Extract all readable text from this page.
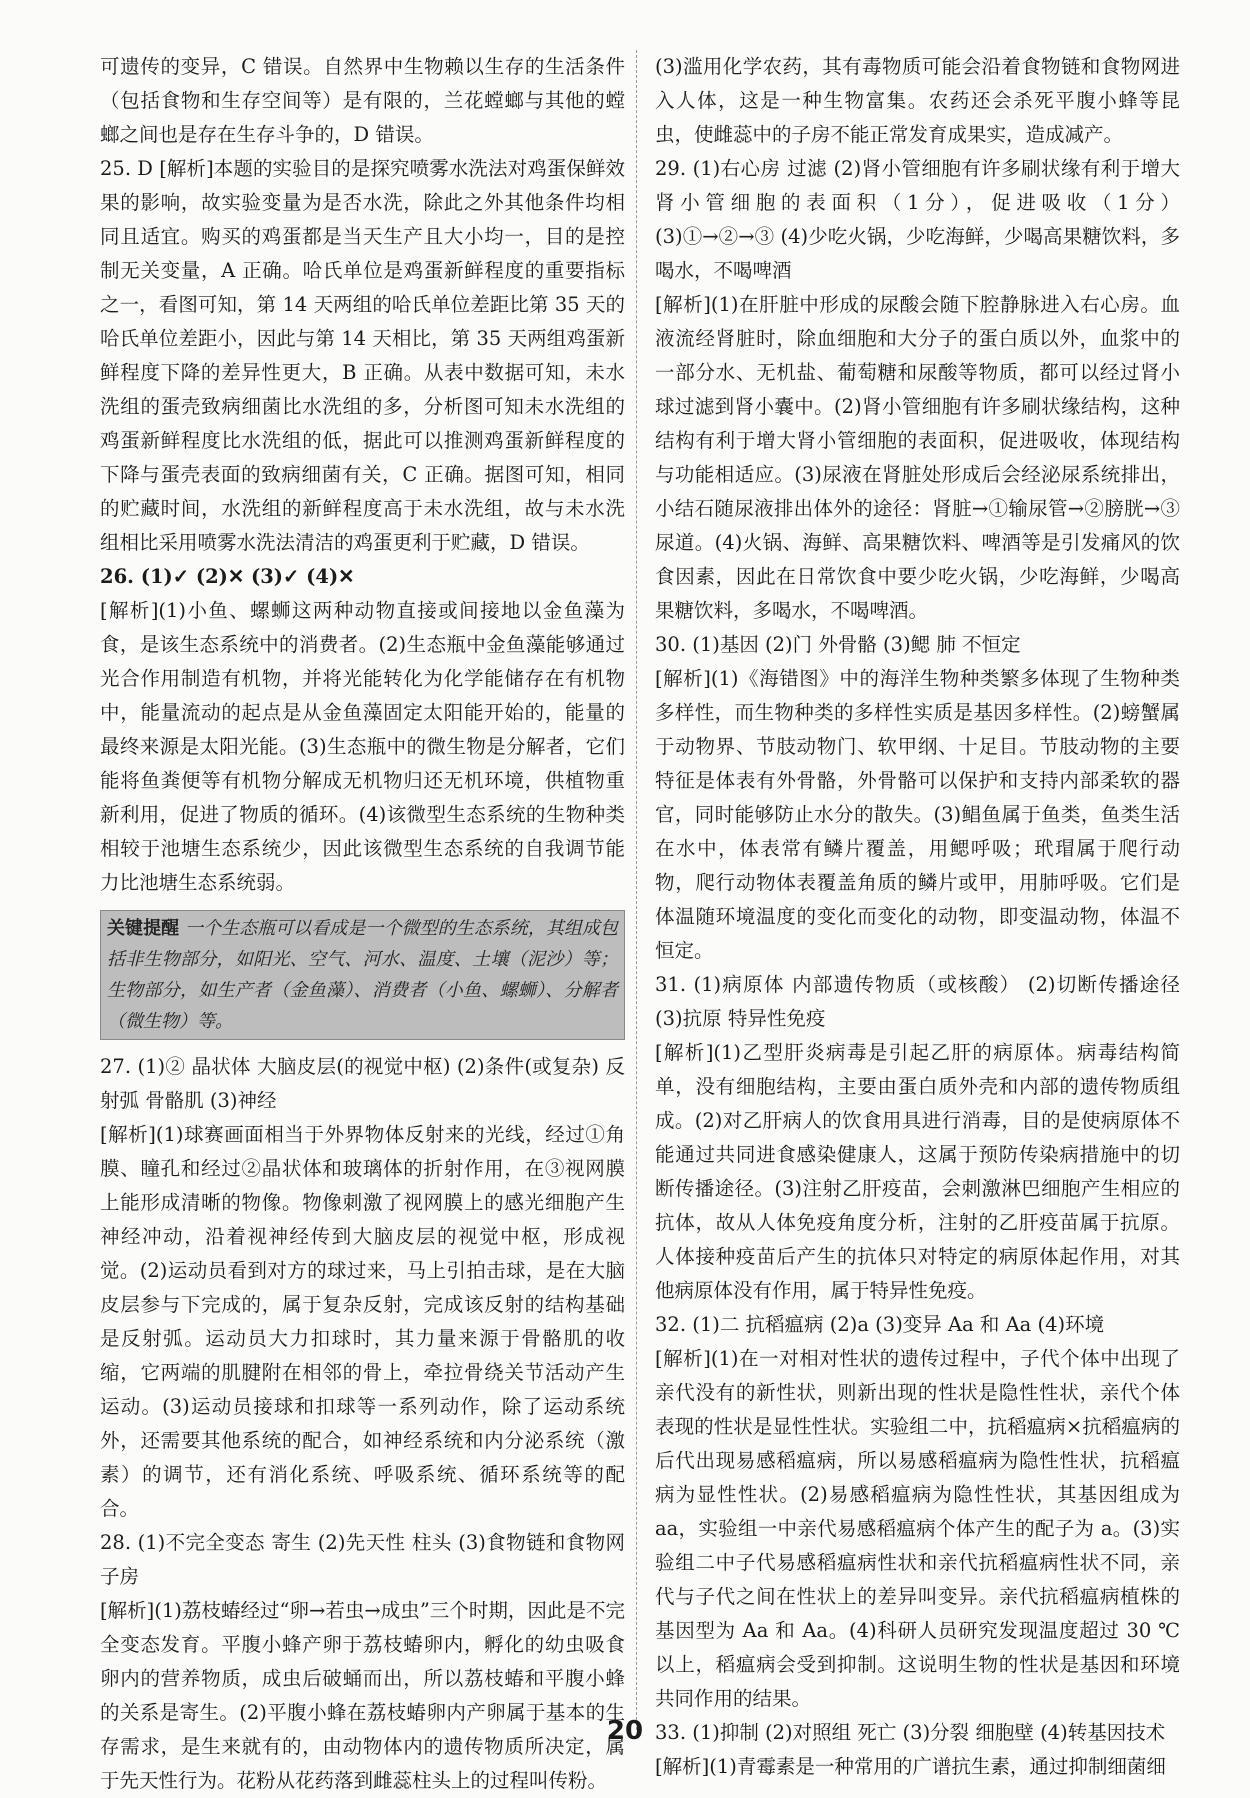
可遗传的变异，C 错误。自然界中生物赖以生存的生活条件（包括食物和生存空间等）是有限的，兰花螳螂与其他的螳螂之间也是存在生存斗争的，D 错误。

25. D [解析]本题的实验目的是探究喷雾水洗法对鸡蛋保鲜效果的影响，故实验变量为是否水洗，除此之外其他条件均相同且适宜。购买的鸡蛋都是当天生产且大小均一，目的是控制无关变量，A 正确。哈氏单位是鸡蛋新鲜程度的重要指标之一，看图可知，第 14 天两组的哈氏单位差距比第 35 天的哈氏单位差距小，因此与第 14 天相比，第 35 天两组鸡蛋新鲜程度下降的差异性更大，B 正确。从表中数据可知，未水洗组的蛋壳致病细菌比水洗组的多，分析图可知未水洗组的鸡蛋新鲜程度比水洗组的低，据此可以推测鸡蛋新鲜程度的下降与蛋壳表面的致病细菌有关，C 正确。据图可知，相同的贮藏时间，水洗组的新鲜程度高于未水洗组，故与未水洗组相比采用喷雾水洗法清洁的鸡蛋更利于贮藏，D 错误。

26. (1)✓ (2)✕ (3)✓ (4)✕

[解析](1)小鱼、螺蛳这两种动物直接或间接地以金鱼藻为食，是该生态系统中的消费者。(2)生态瓶中金鱼藻能够通过光合作用制造有机物，并将光能转化为化学能储存在有机物中，能量流动的起点是从金鱼藻固定太阳能开始的，能量的最终来源是太阳光能。(3)生态瓶中的微生物是分解者，它们能将鱼粪便等有机物分解成无机物归还无机环境，供植物重新利用，促进了物质的循环。(4)该微型生态系统的生物种类相较于池塘生态系统少，因此该微型生态系统的自我调节能力比池塘生态系统弱。

关键提醒 一个生态瓶可以看成是一个微型的生态系统，其组成包括非生物部分，如阳光、空气、河水、温度、土壤（泥沙）等；生物部分，如生产者（金鱼藻）、消费者（小鱼、螺蛳）、分解者（微生物）等。

27. (1)② 晶状体 大脑皮层(的视觉中枢) (2)条件(或复杂) 反射弧 骨骼肌 (3)神经

[解析](1)球赛画面相当于外界物体反射来的光线，经过①角膜、瞳孔和经过②晶状体和玻璃体的折射作用，在③视网膜上能形成清晰的物像。物像刺激了视网膜上的感光细胞产生神经冲动，沿着视神经传到大脑皮层的视觉中枢，形成视觉。(2)运动员看到对方的球过来，马上引拍击球，是在大脑皮层参与下完成的，属于复杂反射，完成该反射的结构基础是反射弧。运动员大力扣球时，其力量来源于骨骼肌的收缩，它两端的肌腱附在相邻的骨上，牵拉骨绕关节活动产生运动。(3)运动员接球和扣球等一系列动作，除了运动系统外，还需要其他系统的配合，如神经系统和内分泌系统（激素）的调节，还有消化系统、呼吸系统、循环系统等的配合。

28. (1)不完全变态 寄生 (2)先天性 柱头 (3)食物链和食物网 子房

[解析](1)荔枝蝽经过“卵→若虫→成虫”三个时期，因此是不完全变态发育。平腹小蜂产卵于荔枝蝽卵内，孵化的幼虫吸食卵内的营养物质，成虫后破蛹而出，所以荔枝蝽和平腹小蜂的关系是寄生。(2)平腹小蜂在荔枝蝽卵内产卵属于基本的生存需求，是生来就有的，由动物体内的遗传物质所决定，属于先天性行为。花粉从花药落到雌蕊柱头上的过程叫传粉。

(3)滥用化学农药，其有毒物质可能会沿着食物链和食物网进入人体，这是一种生物富集。农药还会杀死平腹小蜂等昆虫，使雌蕊中的子房不能正常发育成果实，造成减产。

29. (1)右心房 过滤 (2)肾小管细胞有许多刷状缘有利于增大肾小管细胞的表面积（1分），促进吸收（1分） (3)①→②→③ (4)少吃火锅，少吃海鲜，少喝高果糖饮料，多喝水，不喝啤酒

[解析](1)在肝脏中形成的尿酸会随下腔静脉进入右心房。血液流经肾脏时，除血细胞和大分子的蛋白质以外，血浆中的一部分水、无机盐、葡萄糖和尿酸等物质，都可以经过肾小球过滤到肾小囊中。(2)肾小管细胞有许多刷状缘结构，这种结构有利于增大肾小管细胞的表面积，促进吸收，体现结构与功能相适应。(3)尿液在肾脏处形成后会经泌尿系统排出，小结石随尿液排出体外的途径：肾脏→①输尿管→②膀胱→③尿道。(4)火锅、海鲜、高果糖饮料、啤酒等是引发痛风的饮食因素，因此在日常饮食中要少吃火锅，少吃海鲜，少喝高果糖饮料，多喝水，不喝啤酒。

30. (1)基因 (2)门 外骨骼 (3)鳃 肺 不恒定

[解析](1)《海错图》中的海洋生物种类繁多体现了生物种类多样性，而生物种类的多样性实质是基因多样性。(2)螃蟹属于动物界、节肢动物门、软甲纲、十足目。节肢动物的主要特征是体表有外骨骼，外骨骼可以保护和支持内部柔软的器官，同时能够防止水分的散失。(3)鲳鱼属于鱼类，鱼类生活在水中，体表常有鳞片覆盖，用鳃呼吸；玳瑁属于爬行动物，爬行动物体表覆盖角质的鳞片或甲，用肺呼吸。它们是体温随环境温度的变化而变化的动物，即变温动物，体温不恒定。

31. (1)病原体 内部遗传物质（或核酸） (2)切断传播途径 (3)抗原 特异性免疫

[解析](1)乙型肝炎病毒是引起乙肝的病原体。病毒结构简单，没有细胞结构，主要由蛋白质外壳和内部的遗传物质组成。(2)对乙肝病人的饮食用具进行消毒，目的是使病原体不能通过共同进食感染健康人，这属于预防传染病措施中的切断传播途径。(3)注射乙肝疫苗，会刺激淋巴细胞产生相应的抗体，故从人体免疫角度分析，注射的乙肝疫苗属于抗原。人体接种疫苗后产生的抗体只对特定的病原体起作用，对其他病原体没有作用，属于特异性免疫。

32. (1)二 抗稻瘟病 (2)a (3)变异 Aa 和 Aa (4)环境

[解析](1)在一对相对性状的遗传过程中，子代个体中出现了亲代没有的新性状，则新出现的性状是隐性性状，亲代个体表现的性状是显性性状。实验组二中，抗稻瘟病×抗稻瘟病的后代出现易感稻瘟病，所以易感稻瘟病为隐性性状，抗稻瘟病为显性性状。(2)易感稻瘟病为隐性性状，其基因组成为 aa，实验组一中亲代易感稻瘟病个体产生的配子为 a。(3)实验组二中子代易感稻瘟病性状和亲代抗稻瘟病性状不同，亲代与子代之间在性状上的差异叫变异。亲代抗稻瘟病植株的基因型为 Aa 和 Aa。(4)科研人员研究发现温度超过 30 ℃以上，稻瘟病会受到抑制。这说明生物的性状是基因和环境共同作用的结果。

33. (1)抑制 (2)对照组 死亡 (3)分裂 细胞壁 (4)转基因技术

[解析](1)青霉素是一种常用的广谱抗生素，通过抑制细菌细

20
